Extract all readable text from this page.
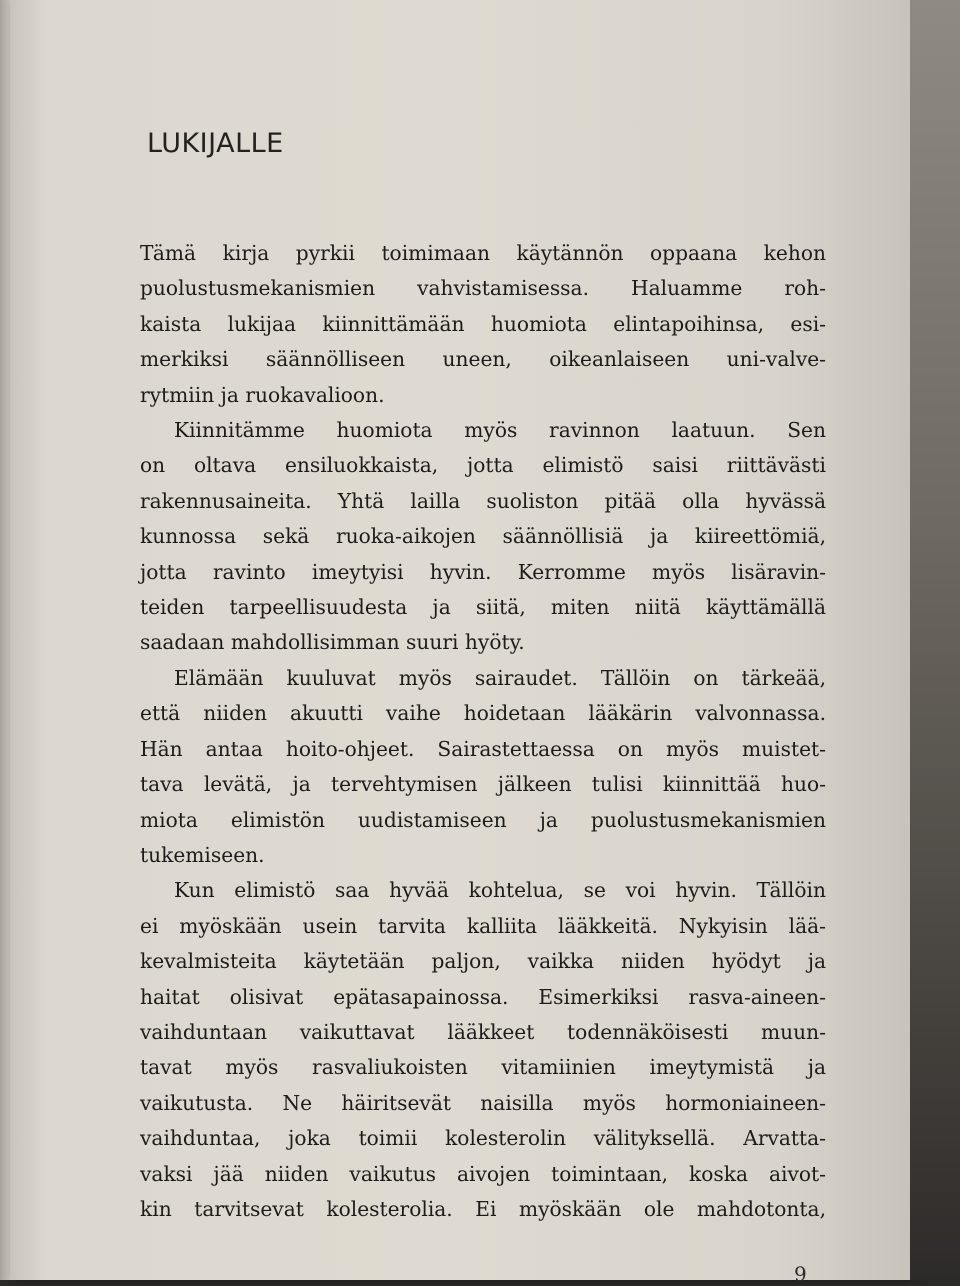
LUKIJALLE

Tämä kirja pyrkii toimimaan käytännön oppaana kehon
puolustusmekanismien vahvistamisessa. Haluamme roh-
kaista lukijaa kiinnittämään huomiota elintapoihinsa, esi-
merkiksi säännölliseen uneen, oikeanlaiseen uni-valve-
rytmiin ja ruokavalioon.

Kiinnitämme huomiota myös ravinnon laatuun. Sen
on oltava ensiluokkaista, jotta elimistö saisi riittävästi
rakennusaineita. Yhtä lailla suoliston pitää olla hyvässä
kunnossa sekä ruoka-aikojen säännöllisiä ja kiireettömiä,
jotta ravinto imeytyisi hyvin. Kerromme myös lisäravin-
teiden tarpeellisuudesta ja siitä, miten niitä käyttämällä
saadaan mahdollisimman suuri hyöty.

Elämään kuuluvat myös sairaudet. Tällöin on tärkeää,
että niiden akuutti vaihe hoidetaan lääkärin valvonnassa.
Hän antaa hoito-ohjeet. Sairastettaessa on myös muistet-
tava levätä, ja tervehtymisen jälkeen tulisi kiinnittää huo-
miota elimistön uudistamiseen ja puolustusmekanismien
tukemiseen.

Kun elimistö saa hyvää kohtelua, se voi hyvin. Tällöin
ei myöskään usein tarvita kalliita lääkkeitä. Nykyisin lää-
kevalmisteita käytetään paljon, vaikka niiden hyödyt ja
haitat olisivat epätasapainossa. Esimerkiksi rasva-aineen-
vaihduntaan vaikuttavat lääkkeet todennäköisesti muun-
tavat myös rasvaliukoisten vitamiinien imeytymistä ja
vaikutusta. Ne häiritsevät naisilla myös hormoniaineen-
vaihduntaa, joka toimii kolesterolin välityksellä. Arvatta-
vaksi jää niiden vaikutus aivojen toimintaan, koska aivot-
kin tarvitsevat kolesterolia. Ei myöskään ole mahdotonta,

9
